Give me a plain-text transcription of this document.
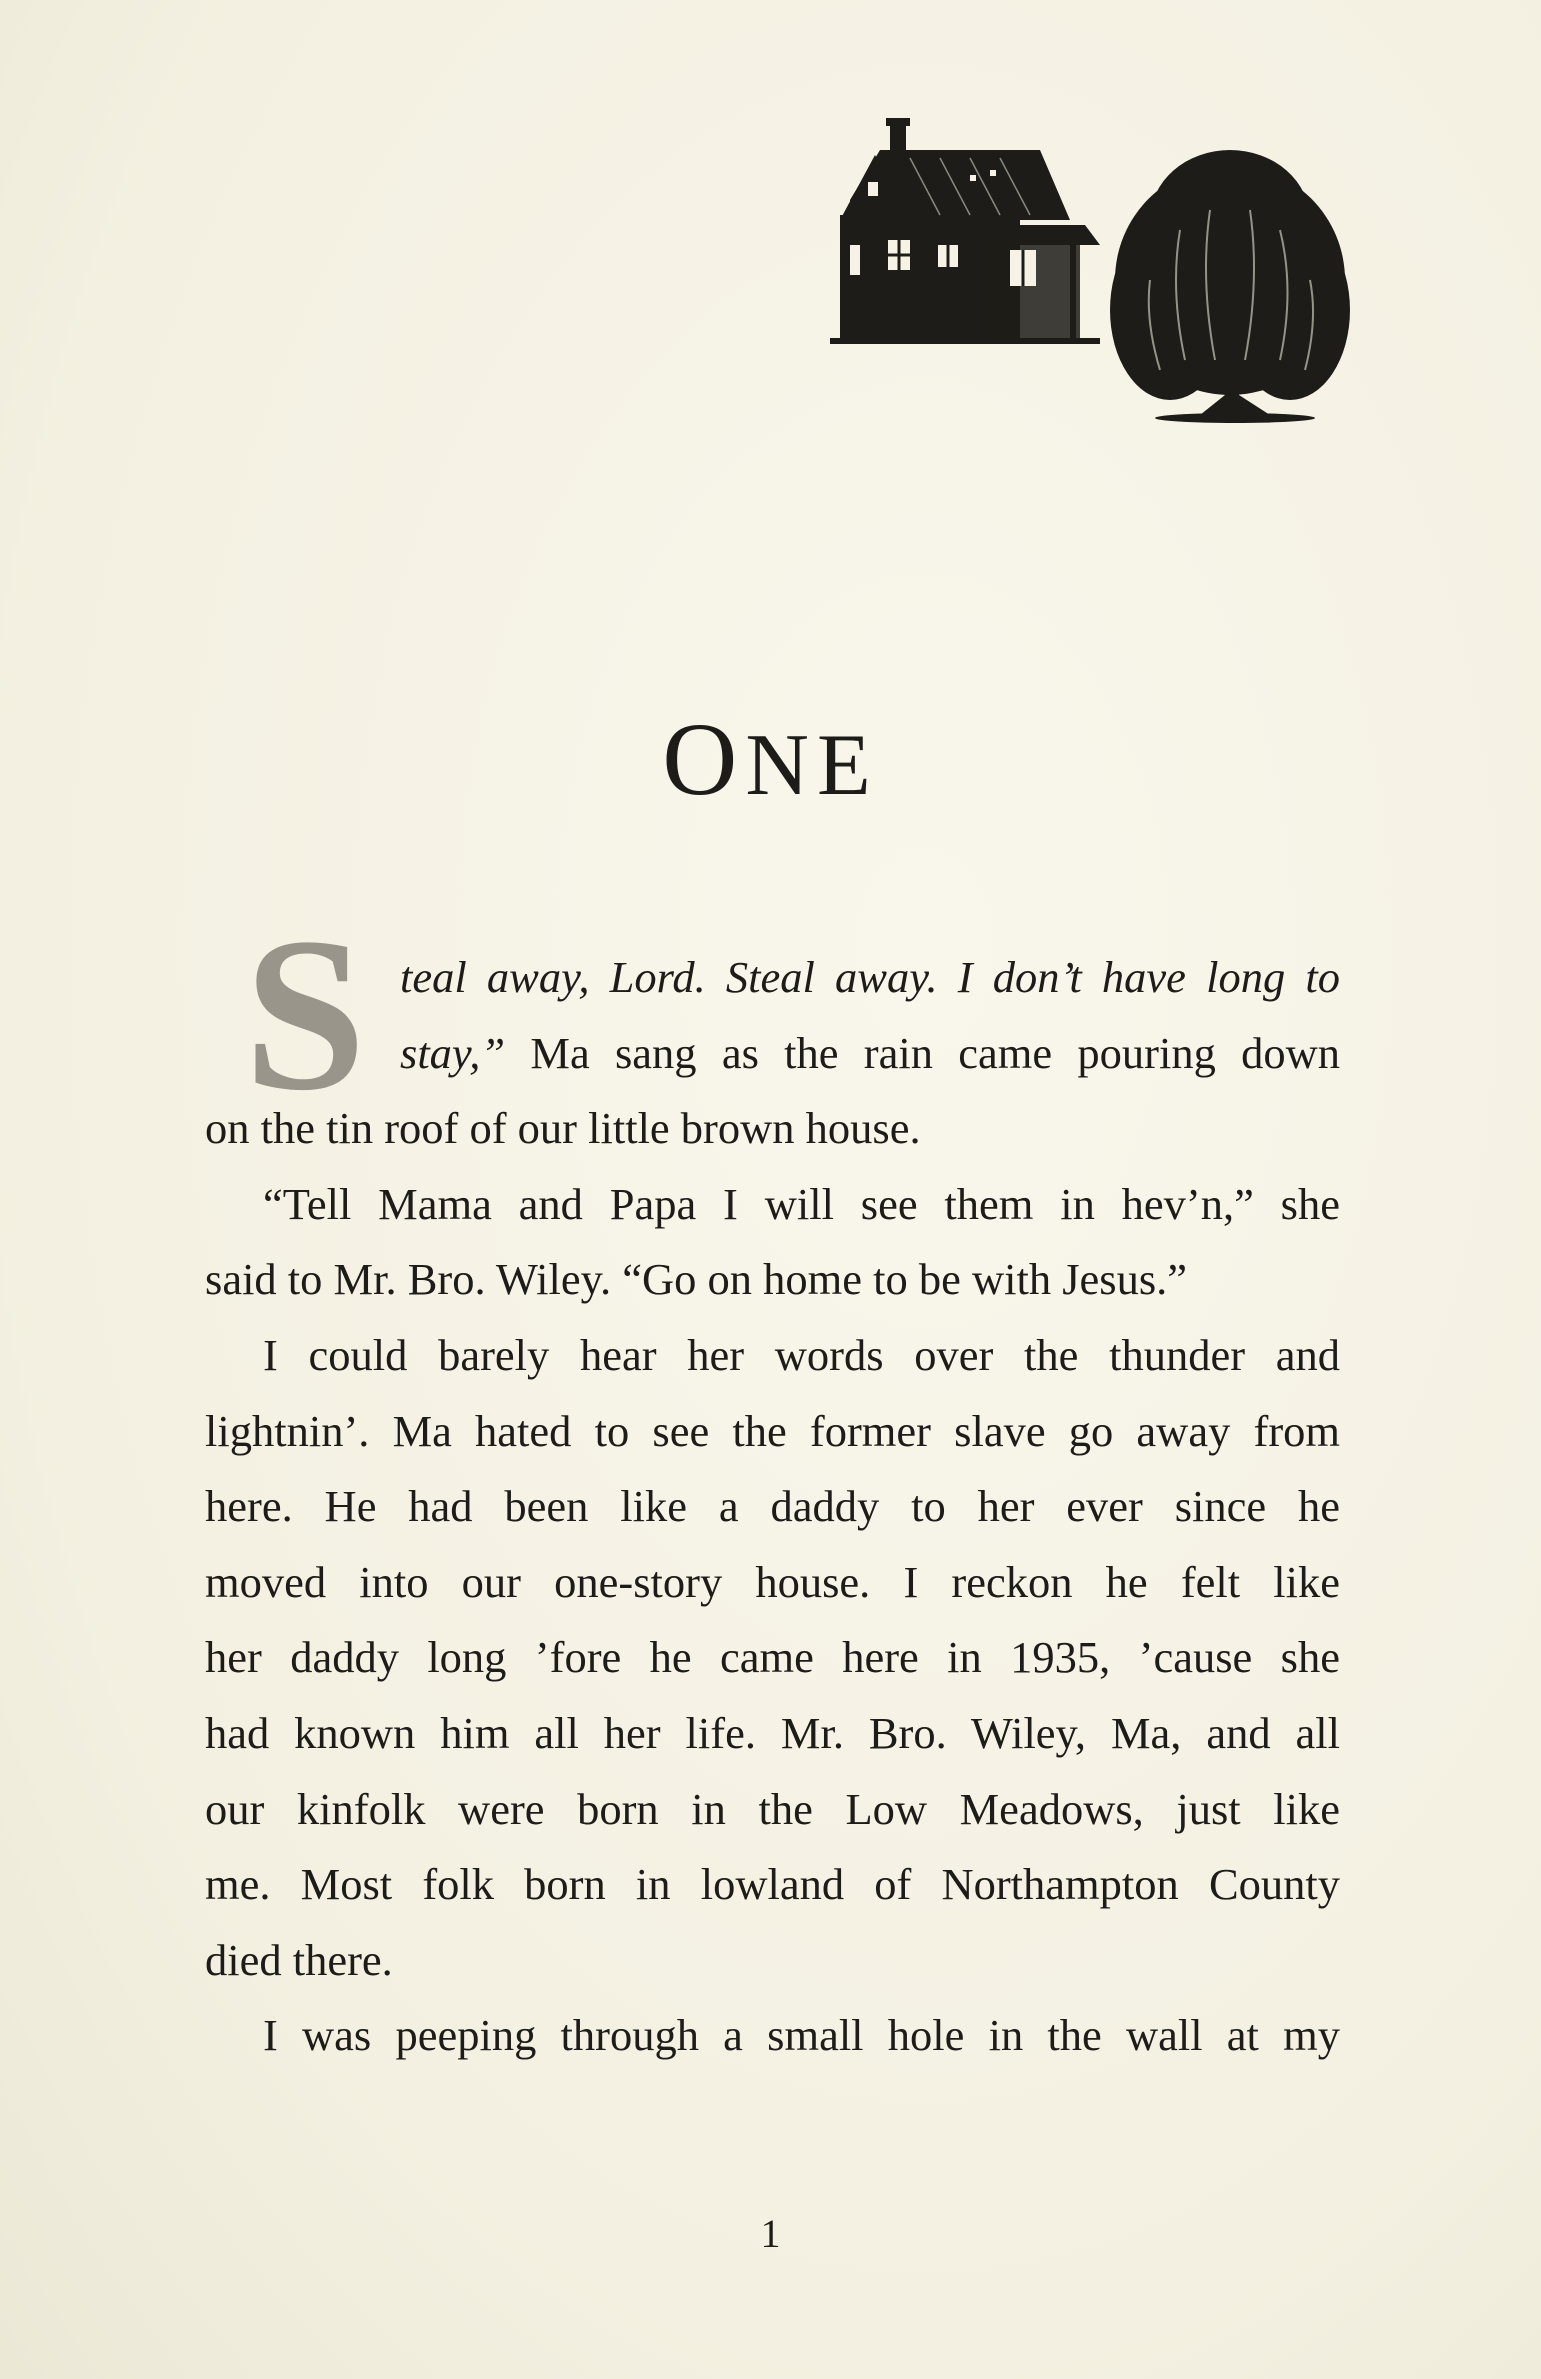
ONE
S teal away, Lord. Steal away. I don’t have long to
stay,” Ma sang as the rain came pouring down
on the tin roof of our little brown house.
“Tell Mama and Papa I will see them in hev’n,” she
said to Mr. Bro. Wiley. “Go on home to be with Jesus.”
I could barely hear her words over the thunder and
lightnin’. Ma hated to see the former slave go away from
here. He had been like a daddy to her ever since he
moved into our one-story house. I reckon he felt like
her daddy long ’fore he came here in 1935, ’cause she
had known him all her life. Mr. Bro. Wiley, Ma, and all
our kinfolk were born in the Low Meadows, just like
me. Most folk born in lowland of Northampton County
died there.
I was peeping through a small hole in the wall at my
1
